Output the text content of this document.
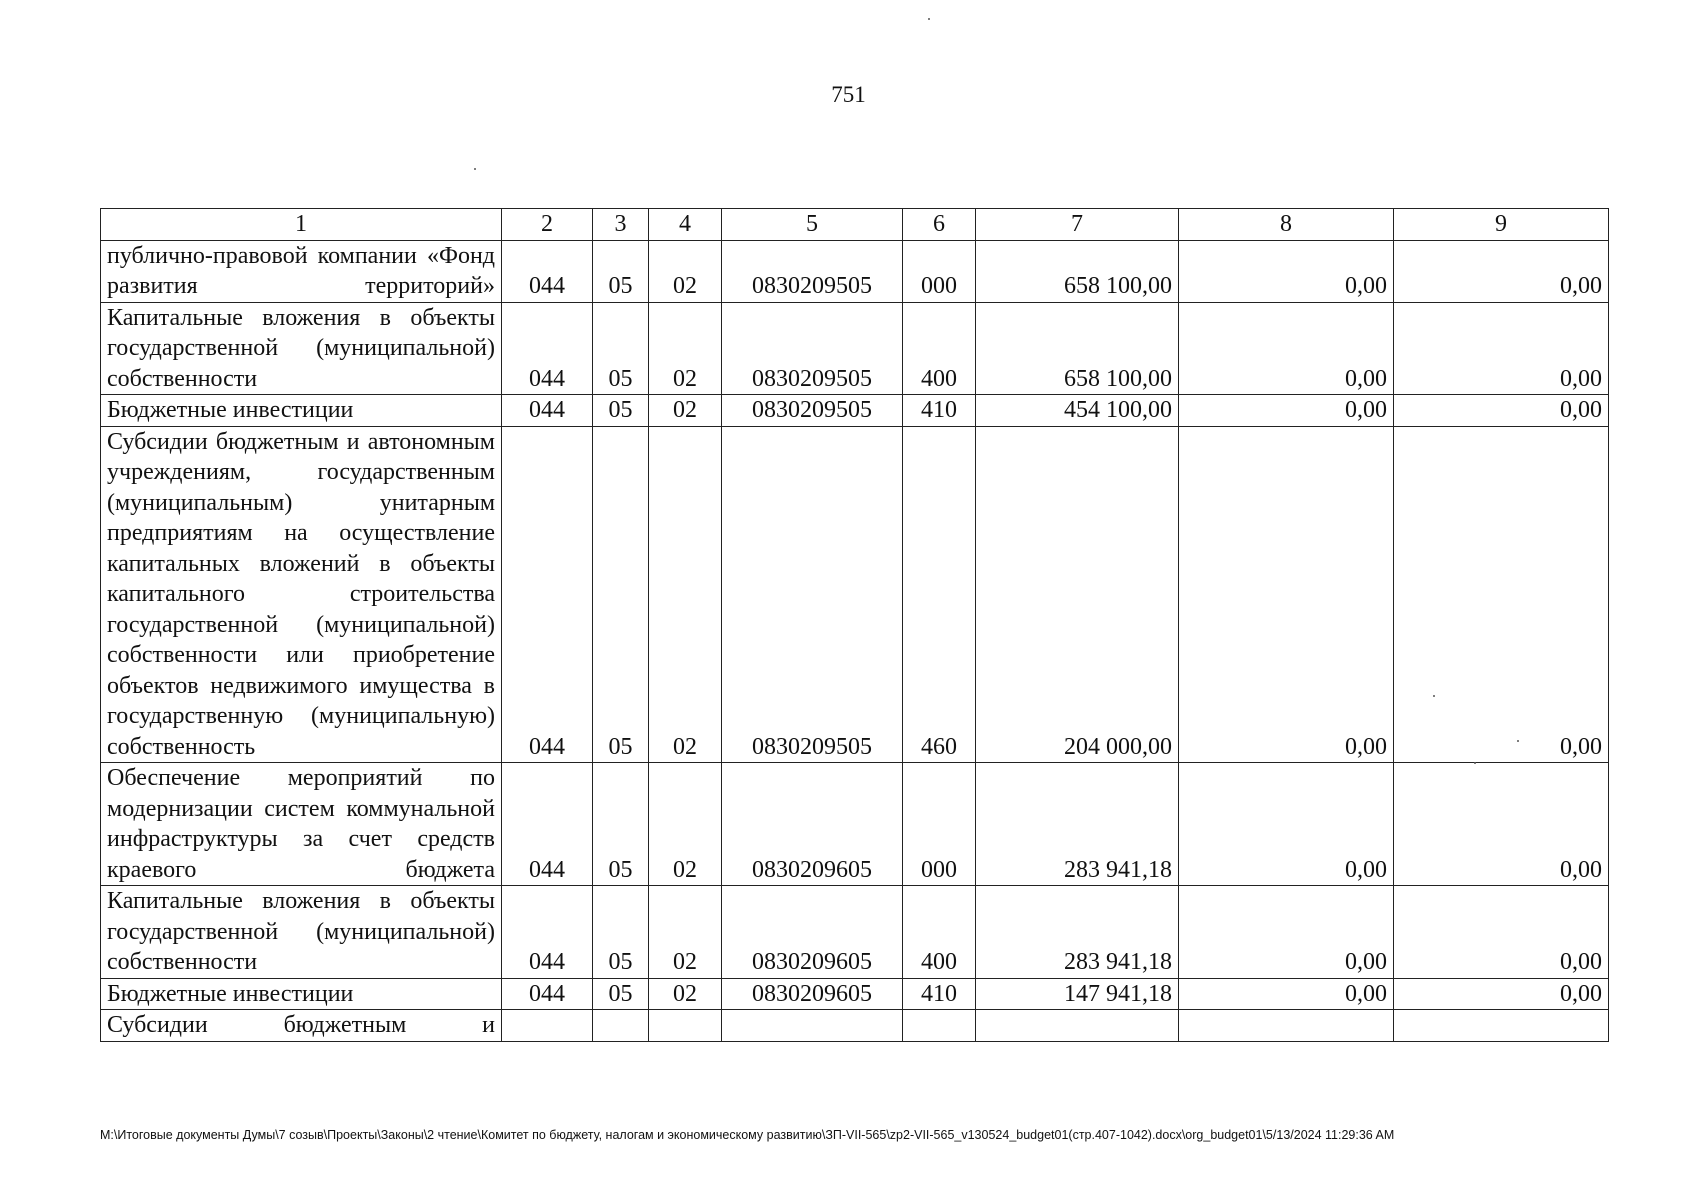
751
1	2	3	4	5	6	7	8	9
публично-правовой компании «Фонд развития территорий»	044	05	02	0830209505	000	658 100,00	0,00	0,00
Капитальные вложения в объекты государственной (муниципальной) собственности	044	05	02	0830209505	400	658 100,00	0,00	0,00
Бюджетные инвестиции	044	05	02	0830209505	410	454 100,00	0,00	0,00
Субсидии бюджетным и автономным учреждениям, государственным (муниципальным) унитарным предприятиям на осуществление капитальных вложений в объекты капитального строительства государственной (муниципальной) собственности или приобретение объектов недвижимого имущества в государственную (муниципальную) собственность	044	05	02	0830209505	460	204 000,00	0,00	0,00
Обеспечение мероприятий по модернизации систем коммунальной инфраструктуры за счет средств краевого бюджета	044	05	02	0830209605	000	283 941,18	0,00	0,00
Капитальные вложения в объекты государственной (муниципальной) собственности	044	05	02	0830209605	400	283 941,18	0,00	0,00
Бюджетные инвестиции	044	05	02	0830209605	410	147 941,18	0,00	0,00
Субсидии бюджетным и								
M:\Итоговые документы Думы\7 созыв\Проекты\Законы\2 чтение\Комитет по бюджету, налогам и экономическому развитию\ЗП-VII-565\zp2-VII-565_v130524_budget01(стр.407-1042).docx\org_budget01\5/13/2024 11:29:36 AM
